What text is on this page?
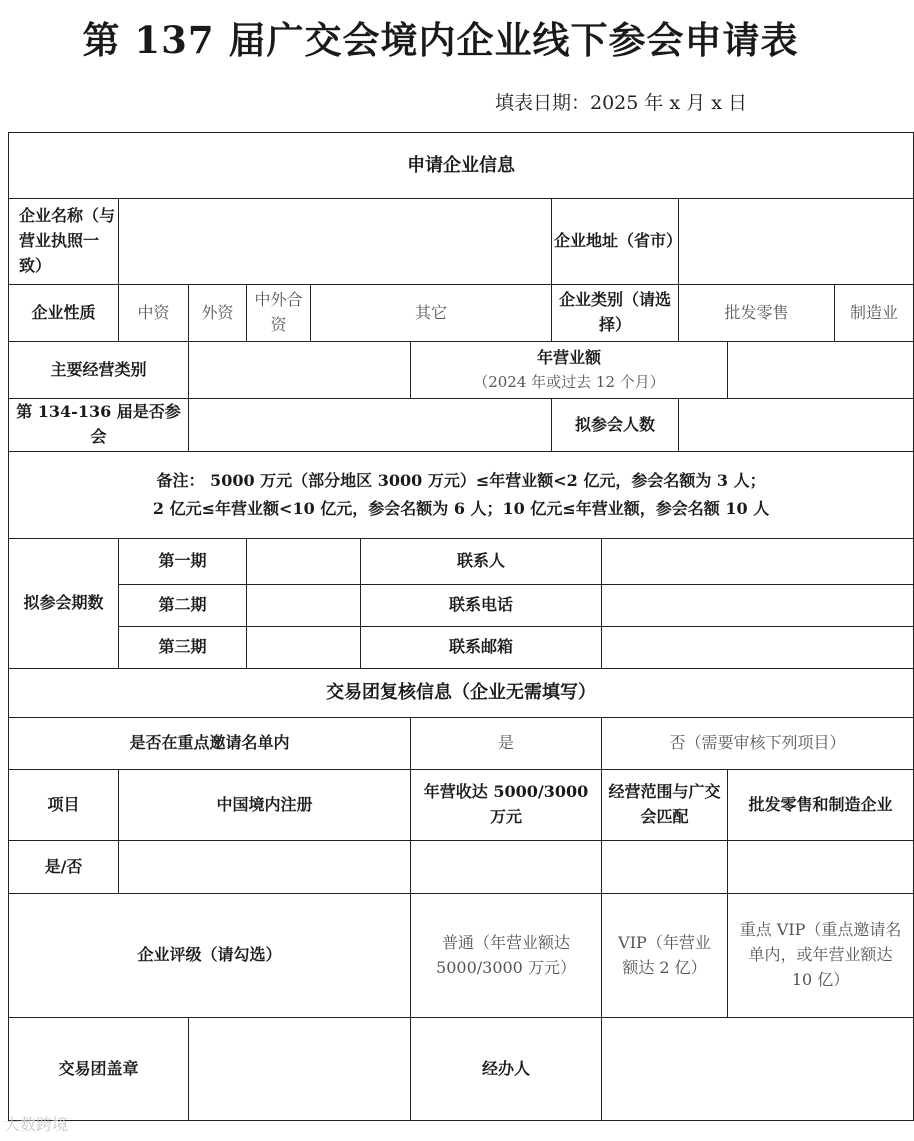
第 137 届广交会境内企业线下参会申请表
填表日期：2025 年 x 月 x 日
申请企业信息												
企业名称（与营业执照一致）							企业地址（省市）					
企业性质	中资	外资	中外合资	其它			企业类别（请选择）		批发零售		制造业	
主要经营类别						年营业额
（2024 年或过去 12 个月）						

第 134-136 届是否参会							拟参会人数					

备注： 5000 万元（部分地区 3000 万元）≤年营业额<2 亿元，参会名额为 3 人；
2 亿元≤年营业额<10 亿元，参会名额为 6 人；10 亿元≤年营业额，参会名额 10 人												

拟参会期数	第一期				联系人							
	第二期				联系电话							
	第三期				联系邮箱							
交易团复核信息（企业无需填写）												
是否在重点邀请名单内						是		否（需要审核下列项目）				
项目	中国境内注册					年营收达 5000/3000 万元		经营范围与广交会匹配		批发零售和制造企业		
是/否												
企业评级（请勾选）						普通（年营业额达 5000/3000 万元）		VIP（年营业额达 2 亿）		重点 VIP（重点邀请名单内，或年营业额达 10 亿）		
交易团盖章						经办人						
大数跨境
